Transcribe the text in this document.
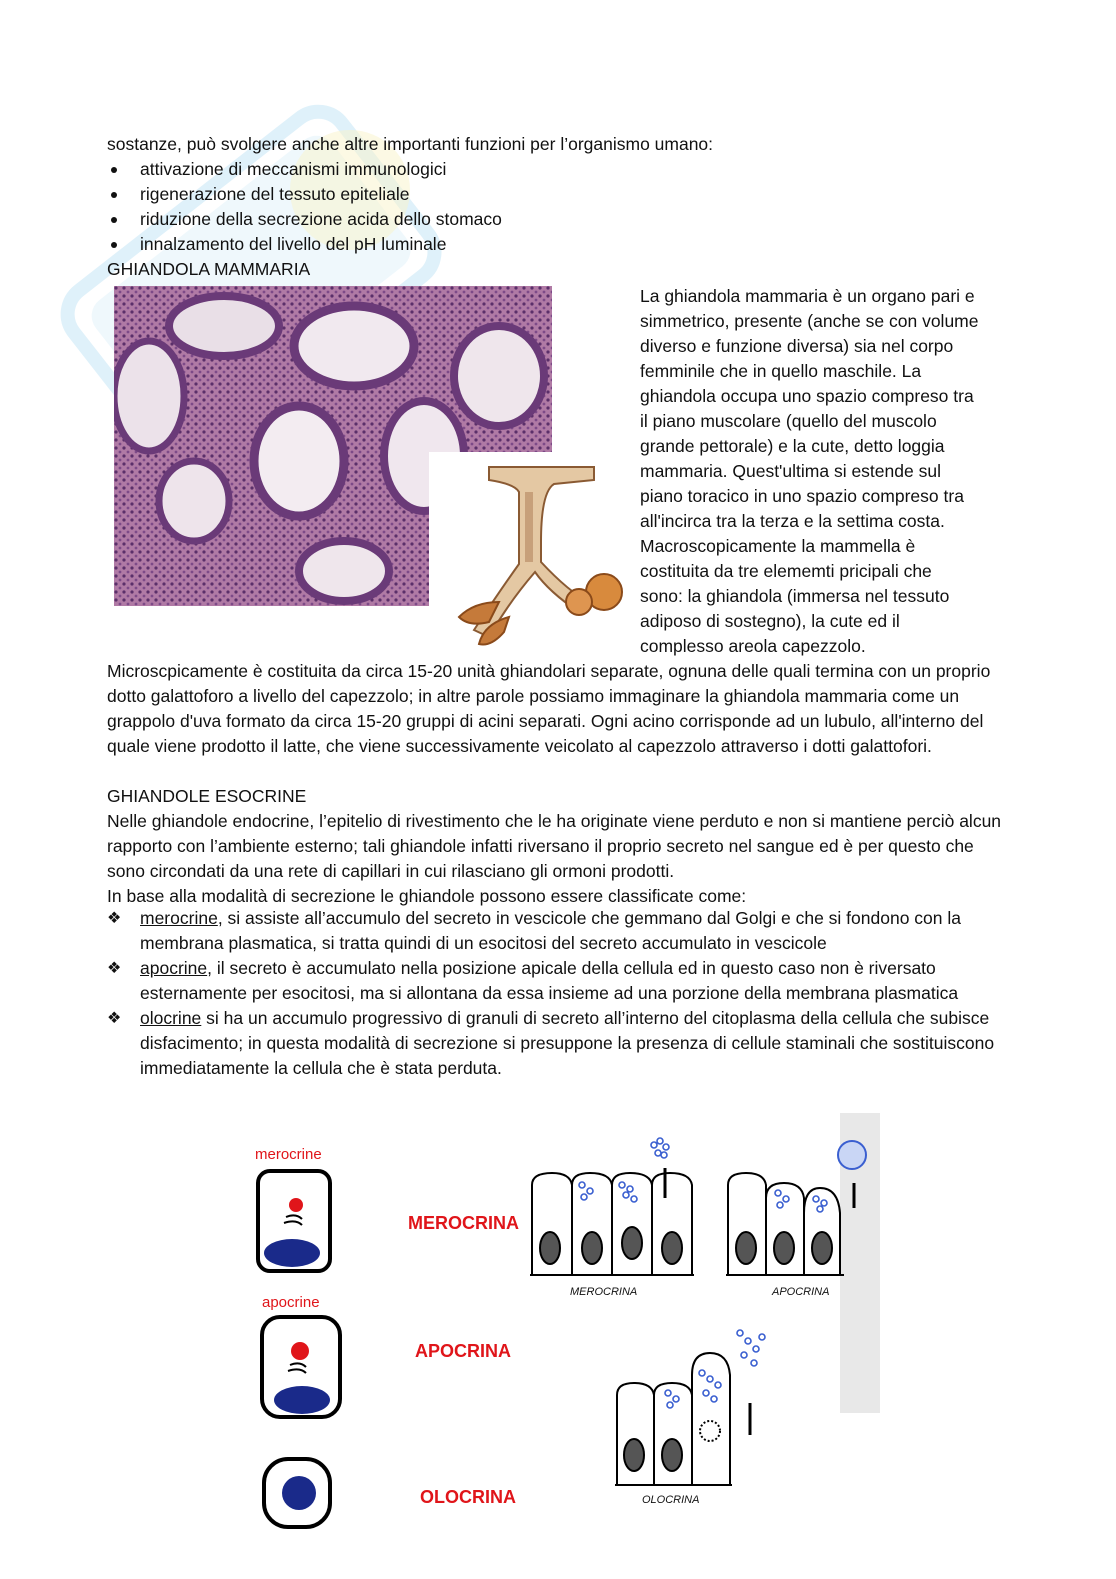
sostanze, può svolgere anche altre importanti funzioni per l’organismo umano:
attivazione di meccanismi immunologici
rigenerazione del tessuto epiteliale
riduzione della secrezione acida dello stomaco
innalzamento del livello del pH luminale
GHIANDOLA MAMMARIA
La ghiandola mammaria è un organo pari e
simmetrico, presente (anche se con volume
diverso e funzione diversa) sia nel corpo
femminile che in quello maschile. La
ghiandola occupa uno spazio compreso tra
il piano muscolare (quello del muscolo
grande pettorale) e la cute, detto loggia
mammaria. Quest'ultima si estende sul
piano toracico in uno spazio compreso tra
all'incirca tra la terza e la settima costa.
Macroscopicamente la mammella è
costituita da tre elememti pricipali che
sono: la ghiandola (immersa nel tessuto
adiposo di sostegno), la cute ed il
complesso areola capezzolo.
Microscpicamente è costituita da circa 15-20 unità ghiandolari separate, ognuna delle quali termina con un proprio dotto galattoforo a livello del capezzolo; in altre parole possiamo immaginare la ghiandola mammaria come un grappolo d'uva formato da circa 15-20 gruppi di acini separati. Ogni acino corrisponde ad un lubulo, all'interno del quale viene prodotto il latte, che viene successivamente veicolato al capezzolo attraverso i dotti galattofori.
GHIANDOLE ESOCRINE
Nelle ghiandole endocrine, l’epitelio di rivestimento che le ha originate viene perduto e non si mantiene perciò alcun rapporto con l’ambiente esterno; tali ghiandole infatti riversano il proprio secreto nel sangue ed è per questo che sono circondati da una rete di capillari in cui rilasciano gli ormoni prodotti.
In base alla modalità di secrezione le ghiandole possono essere classificate come:
❖ merocrine, si assiste all’accumulo del secreto in vescicole che gemmano dal Golgi e che si fondono con la membrana plasmatica, si tratta quindi di un esocitosi del secreto accumulato in vescicole
❖ apocrine, il secreto è accumulato nella posizione apicale della cellula ed in questo caso non è riversato esternamente per esocitosi, ma si allontana da essa insieme ad una porzione della membrana plasmatica
❖ olocrine si ha un accumulo progressivo di granuli di secreto all’interno del citoplasma della cellula che subisce disfacimento; in questa modalità di secrezione si presuppone la presenza di cellule staminali che sostituiscono immediatamente la cellula che è stata perduta.
merocrine
apocrine
MEROCRINA
APOCRINA
OLOCRINA
MEROCRINA	APOCRINA
OLOCRINA
